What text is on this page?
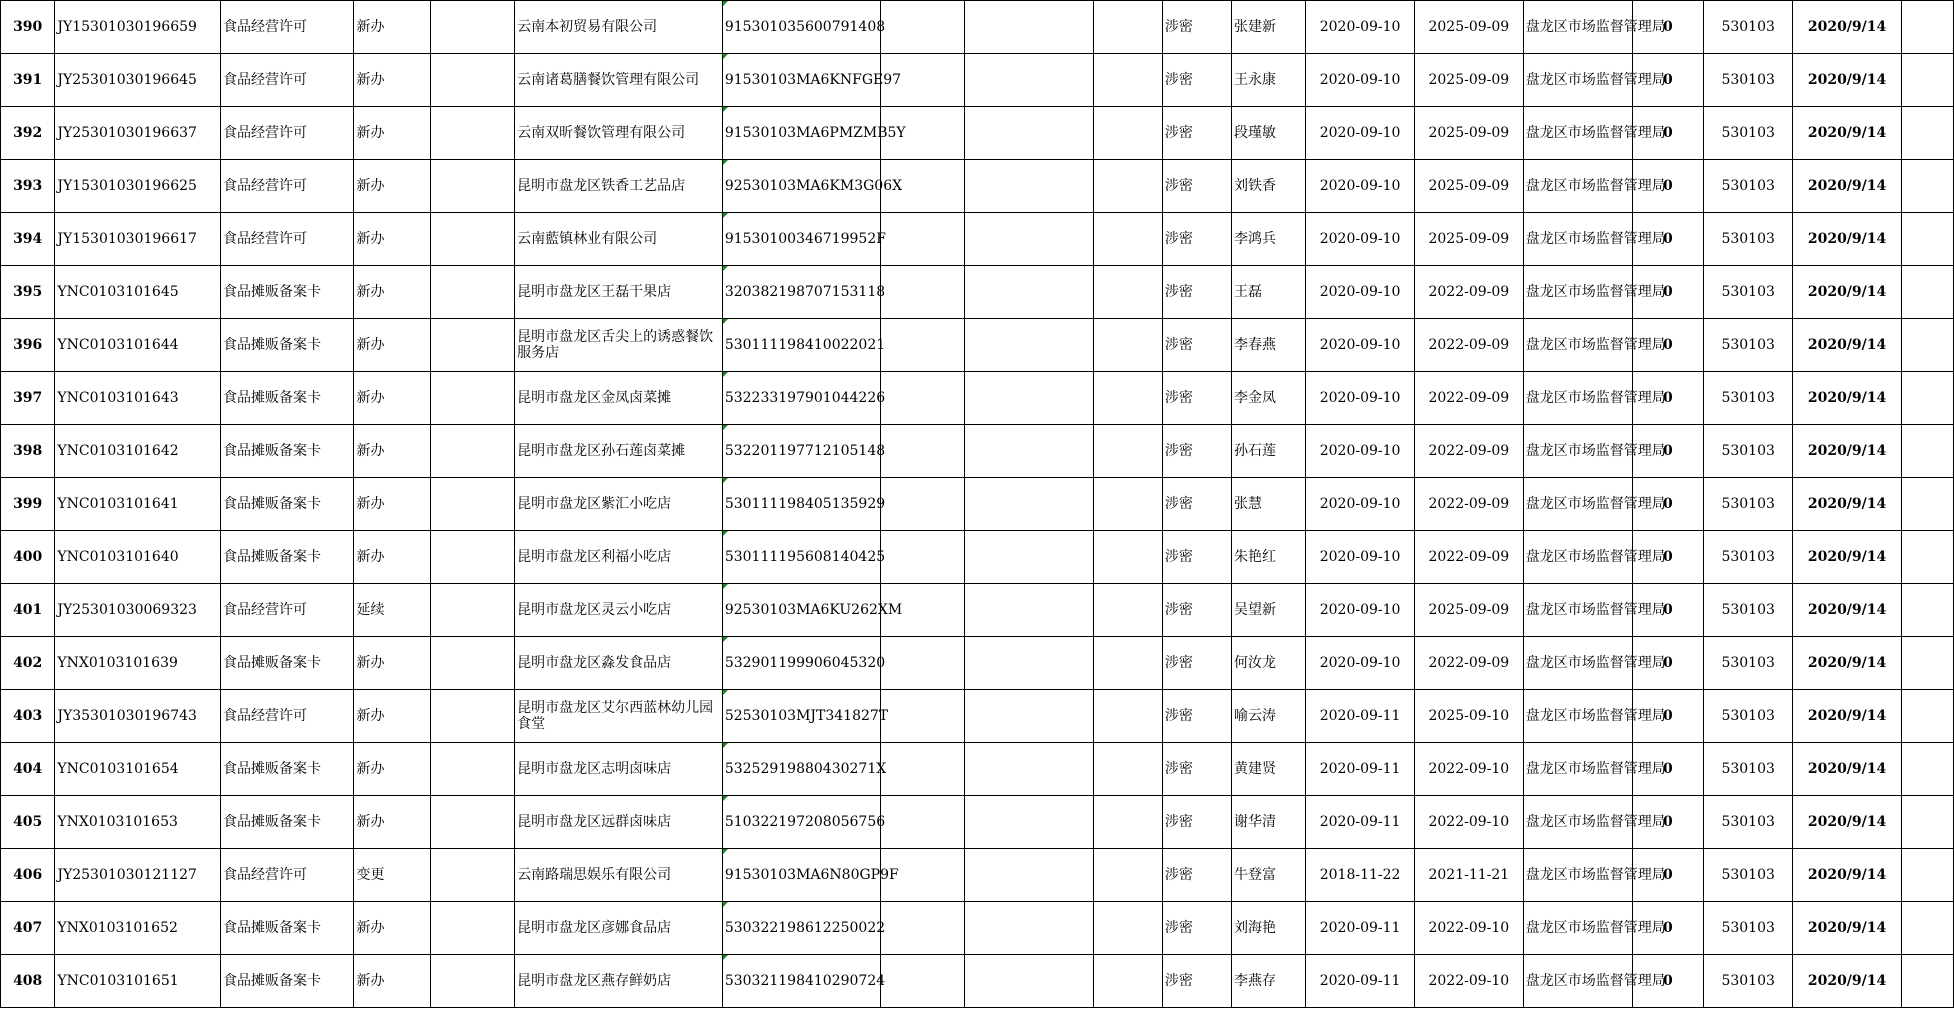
390	JY15301030196659	食品经营许可	新办		云南本初贸易有限公司	915301035600791408				涉密	张建新	2020-09-10	2025-09-09	盘龙区市场监督管理局	0	530103	2020/9/14	
391	JY25301030196645	食品经营许可	新办		云南诸葛膳餐饮管理有限公司	91530103MA6KNFGE97				涉密	王永康	2020-09-10	2025-09-09	盘龙区市场监督管理局	0	530103	2020/9/14	
392	JY25301030196637	食品经营许可	新办		云南双昕餐饮管理有限公司	91530103MA6PMZMB5Y				涉密	段瑾敏	2020-09-10	2025-09-09	盘龙区市场监督管理局	0	530103	2020/9/14	
393	JY15301030196625	食品经营许可	新办		昆明市盘龙区铁香工艺品店	92530103MA6KM3G06X				涉密	刘铁香	2020-09-10	2025-09-09	盘龙区市场监督管理局	0	530103	2020/9/14	
394	JY15301030196617	食品经营许可	新办		云南藍镇林业有限公司	91530100346719952F				涉密	李鸿兵	2020-09-10	2025-09-09	盘龙区市场监督管理局	0	530103	2020/9/14	
395	YNC0103101645	食品摊贩备案卡	新办		昆明市盘龙区王磊干果店	320382198707153118				涉密	王磊	2020-09-10	2022-09-09	盘龙区市场监督管理局	0	530103	2020/9/14	
396	YNC0103101644	食品摊贩备案卡	新办		昆明市盘龙区舌尖上的诱惑餐饮服务店	530111198410022021				涉密	李春燕	2020-09-10	2022-09-09	盘龙区市场监督管理局	0	530103	2020/9/14	
397	YNC0103101643	食品摊贩备案卡	新办		昆明市盘龙区金凤卤菜摊	532233197901044226				涉密	李金凤	2020-09-10	2022-09-09	盘龙区市场监督管理局	0	530103	2020/9/14	
398	YNC0103101642	食品摊贩备案卡	新办		昆明市盘龙区孙石莲卤菜摊	532201197712105148				涉密	孙石莲	2020-09-10	2022-09-09	盘龙区市场监督管理局	0	530103	2020/9/14	
399	YNC0103101641	食品摊贩备案卡	新办		昆明市盘龙区紫汇小吃店	530111198405135929				涉密	张慧	2020-09-10	2022-09-09	盘龙区市场监督管理局	0	530103	2020/9/14	
400	YNC0103101640	食品摊贩备案卡	新办		昆明市盘龙区利福小吃店	530111195608140425				涉密	朱艳红	2020-09-10	2022-09-09	盘龙区市场监督管理局	0	530103	2020/9/14	
401	JY25301030069323	食品经营许可	延续		昆明市盘龙区灵云小吃店	92530103MA6KU262XM				涉密	吴望新	2020-09-10	2025-09-09	盘龙区市场监督管理局	0	530103	2020/9/14	
402	YNX0103101639	食品摊贩备案卡	新办		昆明市盘龙区淼发食品店	532901199906045320				涉密	何汝龙	2020-09-10	2022-09-09	盘龙区市场监督管理局	0	530103	2020/9/14	
403	JY35301030196743	食品经营许可	新办		昆明市盘龙区艾尔西蓝林幼儿园食堂	52530103MJT341827T				涉密	喻云涛	2020-09-11	2025-09-10	盘龙区市场监督管理局	0	530103	2020/9/14	
404	YNC0103101654	食品摊贩备案卡	新办		昆明市盘龙区志明卤味店	53252919880430271X				涉密	黄建贤	2020-09-11	2022-09-10	盘龙区市场监督管理局	0	530103	2020/9/14	
405	YNX0103101653	食品摊贩备案卡	新办		昆明市盘龙区远群卤味店	510322197208056756				涉密	谢华清	2020-09-11	2022-09-10	盘龙区市场监督管理局	0	530103	2020/9/14	
406	JY25301030121127	食品经营许可	变更		云南路瑞思娱乐有限公司	91530103MA6N80GP9F				涉密	牛登富	2018-11-22	2021-11-21	盘龙区市场监督管理局	0	530103	2020/9/14	
407	YNX0103101652	食品摊贩备案卡	新办		昆明市盘龙区彦娜食品店	530322198612250022				涉密	刘海艳	2020-09-11	2022-09-10	盘龙区市场监督管理局	0	530103	2020/9/14	
408	YNC0103101651	食品摊贩备案卡	新办		昆明市盘龙区燕存鲜奶店	530321198410290724				涉密	李燕存	2020-09-11	2022-09-10	盘龙区市场监督管理局	0	530103	2020/9/14	
